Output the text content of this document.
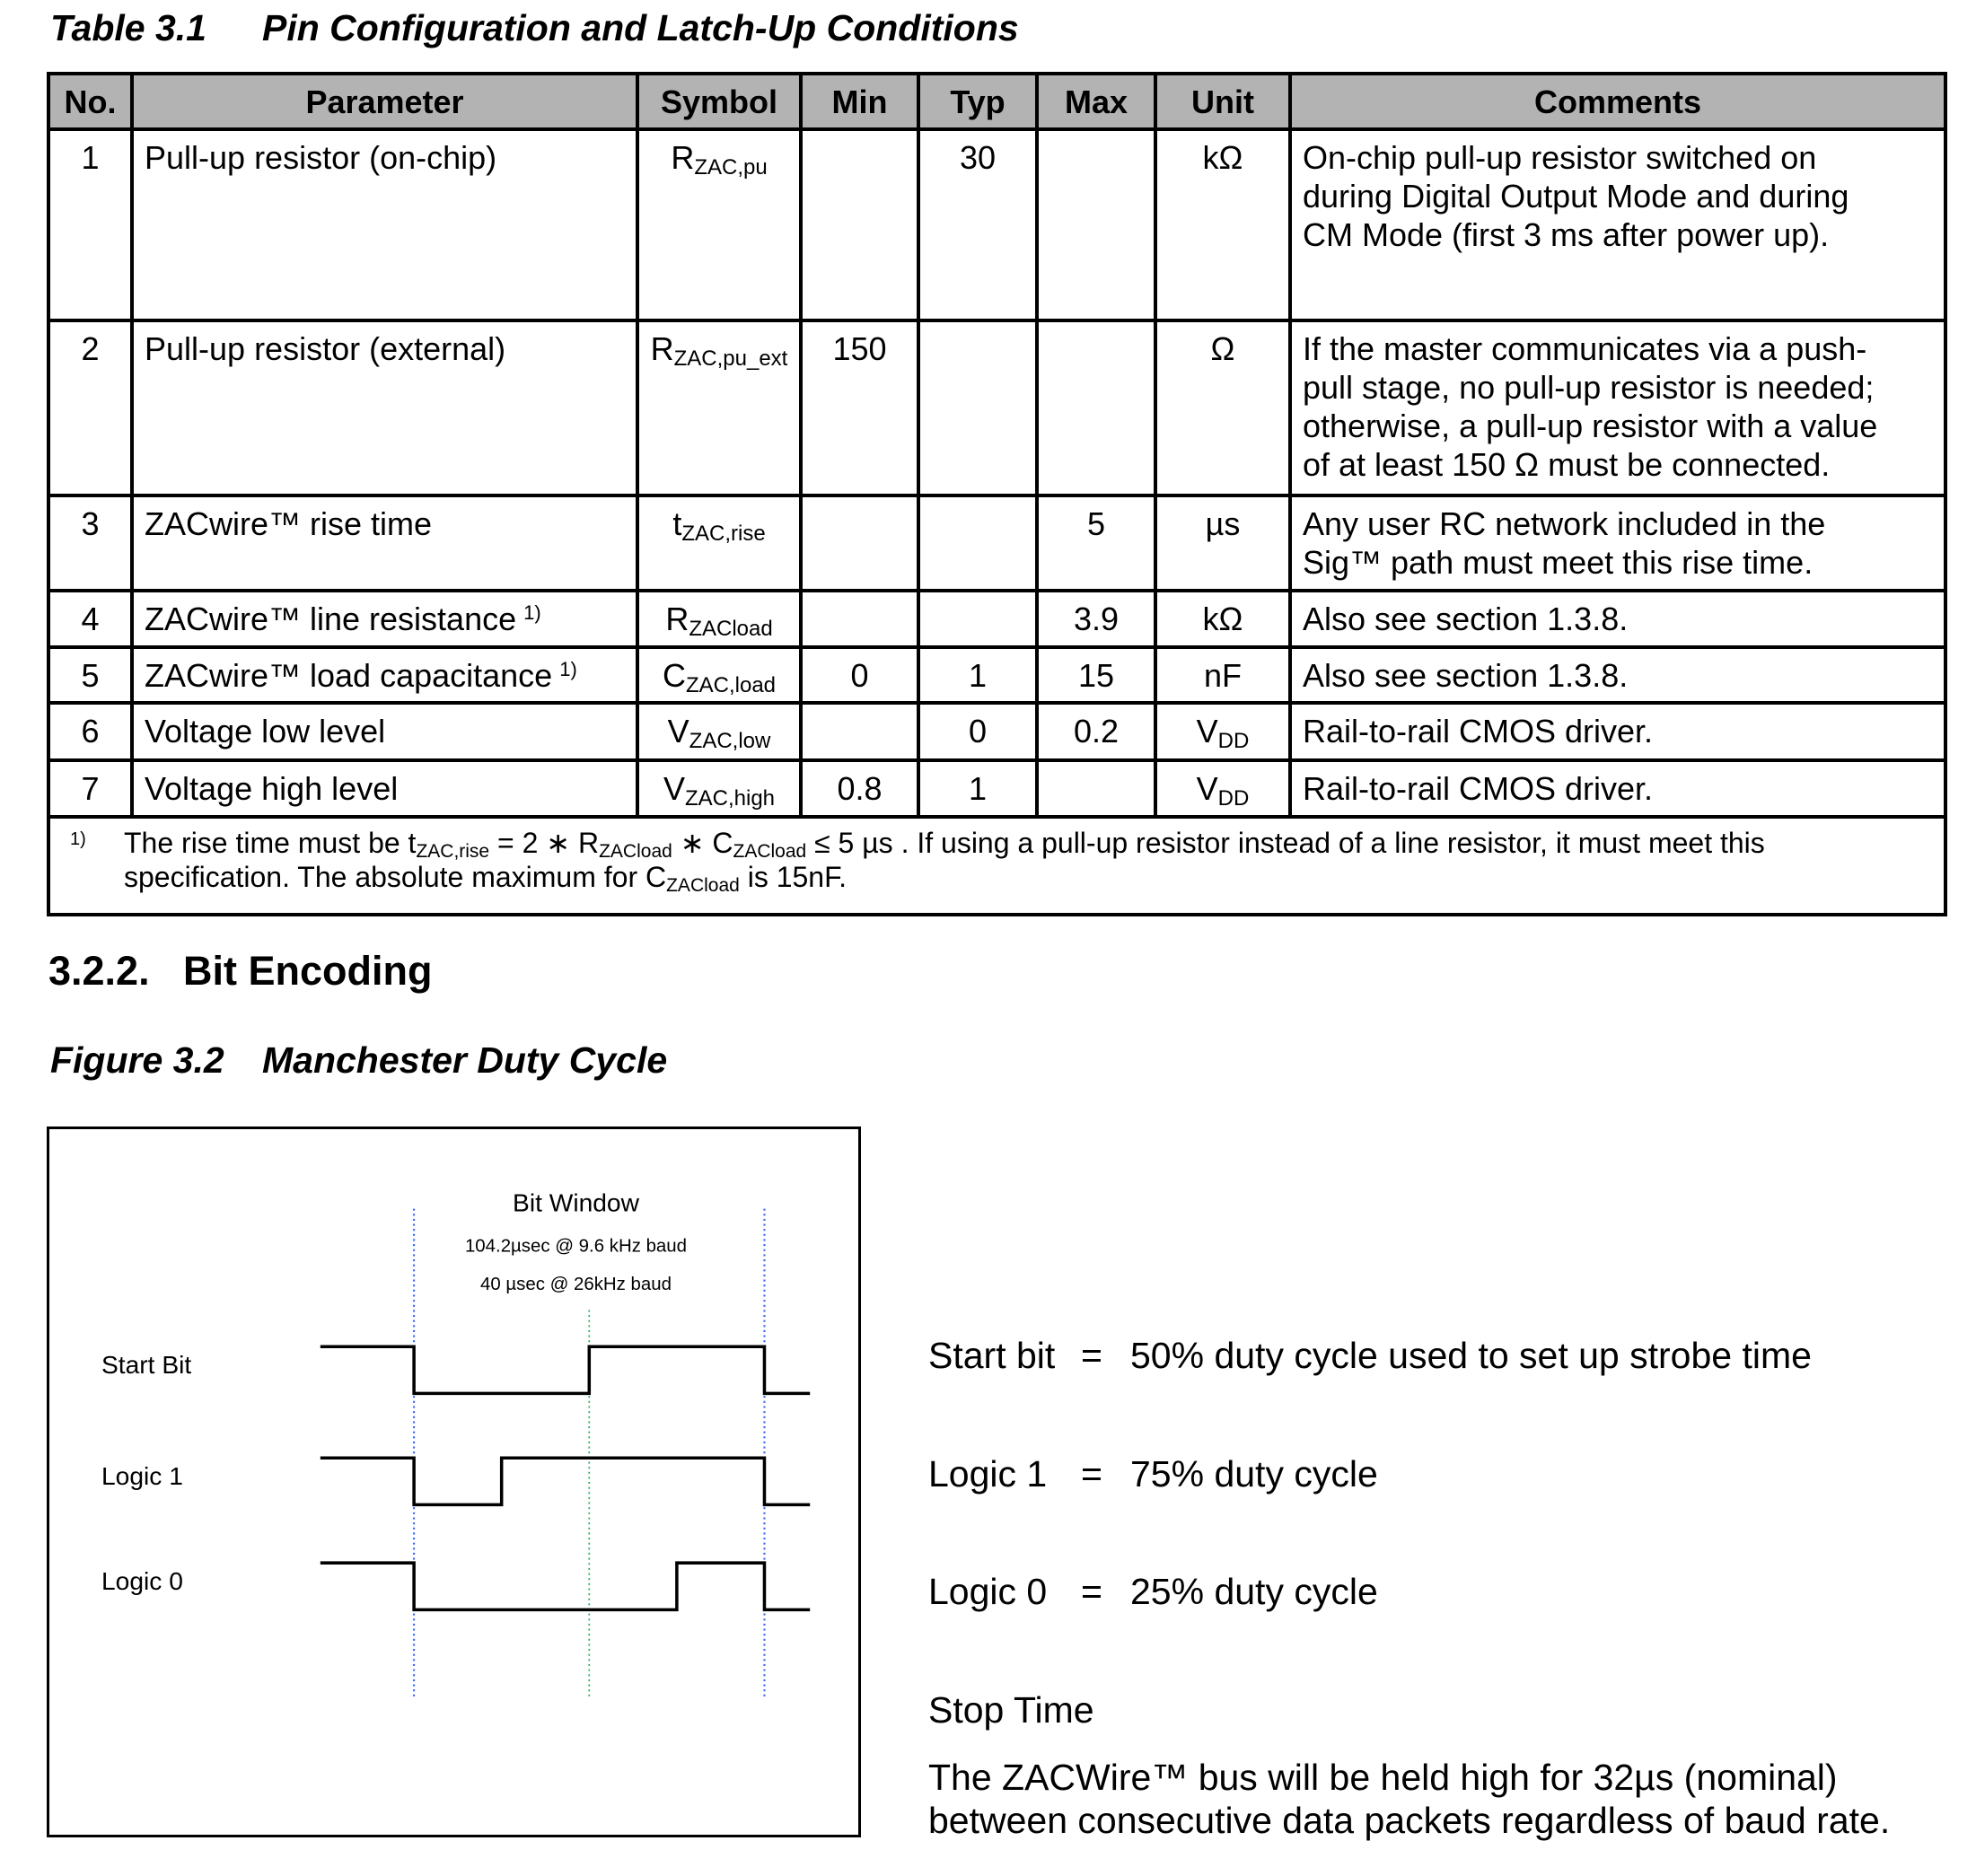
Table 3.1 Pin Configuration and Latch-Up Conditions
No.	Parameter	Symbol	Min	Typ	Max	Unit	Comments
1	Pull-up resistor (on-chip)	$R_{ZAC,pu}$		30		kΩ	On-chip pull-up resistor switched on
during Digital Output Mode and during
CM Mode (first 3 ms after power up).

2	Pull-up resistor (external)	$R_{ZAC,pu\_ext}$	150			Ω	If the master communicates via a push-
pull stage, no pull-up resistor is needed;
otherwise, a pull-up resistor with a value
of at least 150 Ω must be connected.

3	ZACwire™ rise time	$t_{ZAC,rise}$			5	µs	Any user RC network included in the
Sig™ path must meet this rise time.

4	ZACwire™ line resistance $^{1)}$	$R_{ZACload}$			3.9	kΩ	Also see section 1.3.8.

5	ZACwire™ load capacitance $^{1)}$	$C_{ZAC,load}$	0	1	15	nF	Also see section 1.3.8.

6	Voltage low level	$V_{ZAC,low}$		0	0.2	$V_{DD}$	Rail-to-rail CMOS driver.

7	Voltage high level	$V_{ZAC,high}$	0.8	1		$V_{DD}$	Rail-to-rail CMOS driver.

1) The rise time must be $t_{ZAC,rise} = 2$ ∗ $R_{ZACload}$ ∗ $C_{ZACload} \le 5$ µs . If using a pull-up resistor instead of a line resistor, it must meet this specification. The absolute maximum for $C_{ZACload}$ is 15nF.							
3.2.2. Bit Encoding
Figure 3.2 Manchester Duty Cycle
Bit Window
104.2µsec @ 9.6 kHz baud
40 µsec @ 26kHz baud
Start Bit
Logic 1
Logic 0
Start bit = 50% duty cycle used to set up strobe time
Logic 1 = 75% duty cycle
Logic 0 = 25% duty cycle
Stop Time
The ZACWire™ bus will be held high for 32µs (nominal)
between consecutive data packets regardless of baud rate.
